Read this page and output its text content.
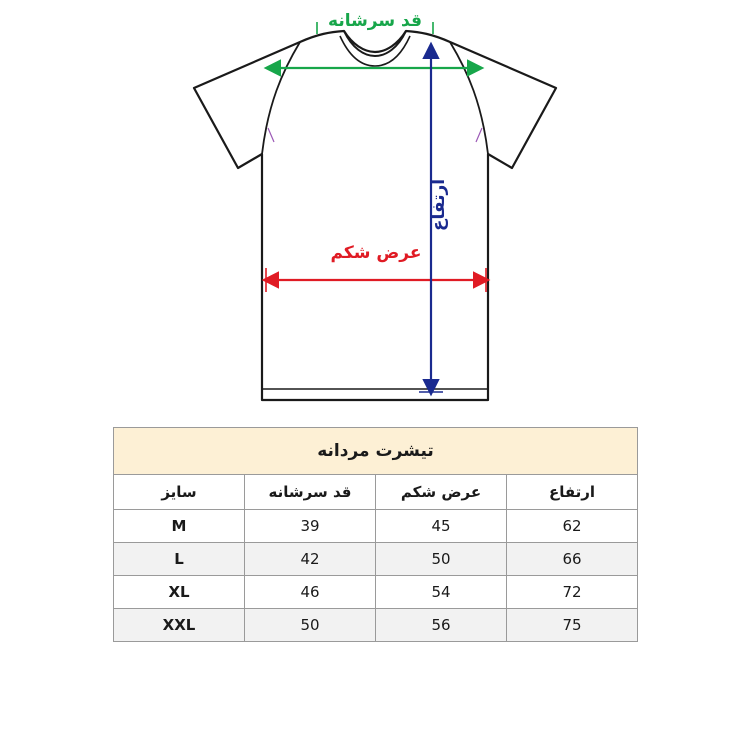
قد سرشانه
عرض شکم
ارتفاع
تیشرت مردانه			
ارتفاع	عرض شکم	قد سرشانه	سایز
62	45	39	M
66	50	42	L
72	54	46	XL
75	56	50	XXL
